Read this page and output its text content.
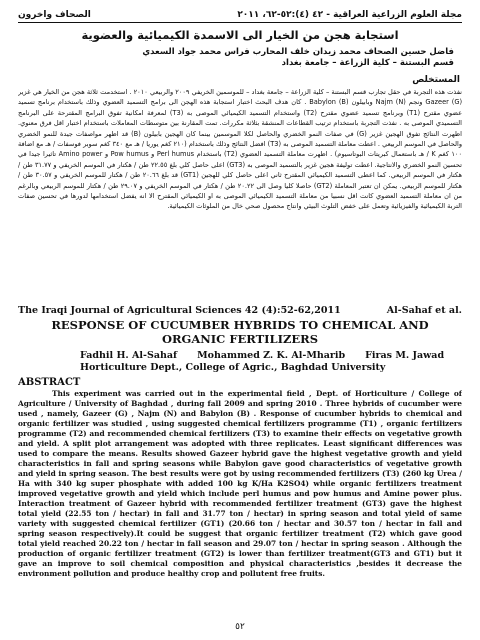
مجلة العلوم الزراعية العراقية - ٤٢ (٤):٥٢-٦٢، ٢٠١١
الصحاف وآخرون
استجابة هجن من الخيار الى الاسمدة الكيميائية والعضوية
فاضل حسين الصحاف محمد زيدان خلف المحارب فراس محمد جواد السعدي
قسم البستنة – كلية الزراعة – جامعة بغداد
المستخلص
نفذت هذه التجربة في حقل تجارب قسم البستنة – كلية الزراعة – جامعة بغداد – للموسمين الخريفي ٢٠٠٩ والربيعي ٢٠١٠ . استخدمت ثلاثة هجن من الخيار هي غزير Gazeer (G) ونجم Najm (N) وبابيلون Babylon (B) . كان هدف البحث اختبار استجابة هذه الهجن الى برامج التسميد العضوي وذلك باستخدام برنامج تسميد عضوي مقترح (T1) وبرنامج تسميد عضوي مقترح (T2) واستخدام التسميد الكيميائي الموصى به (T3) لمعرفة امكانية تفوق البرامج المقترحة على البرنامج التسميدي الموصى به . نفذت التجربة باستخدام ترتيب القطاعات المنشقة بثلاثة مكررات. تمت المقارنة بين متوسطات المعاملات باستخدام اختبار اقل فرق معنوي. اظهرت النتائج تفوق الهجين غزير (G) في صفات النمو الخضري والحاصل لكلا الموسمين بينما كان الهجين بابيلون (B) قد اظهر مواصفات جيدة للنمو الخضري والحاصل في الموسم الربيعي . اعطت معاملة التسميد الموصى به (T3) افضل النتائج وذلك باستخدام (٢١٠ كغم يوريا / هـ مع ٣٤٠ كغم سوبر فوسفات / هـ مع اضافة ١٠٠ كغم K / هـ باستعمال كبريتات البوتاسيوم) . اظهرت معاملة التسميد العضوي (T2) باستخدام Perl humus و Pow humus و Amino power تاثيرا جيدا في تحسين النمو الخضري والانتاجية. اعطت توليفة هجين غزير بالتسميد الموصى به (GT3) اعلى حاصل كلي بلغ ٢٢.٥٥ طن / هكتار في الموسم الخريفي و ٣١.٧٧ طن / هكتار في الموسم الربيعي. كما اعطى التسميد الكيميائي المقترح ثاني اعلى حاصل كلي للهجين (GT1) قد بلغ ٢٠.٦٦ طن / هكتار للموسم الخريفي و ٣٠.٥٧ طن / هكتار للموسم الربيعي. يمكن ان تعتبر المعاملة (GT2) حاصلا كليا وصل الى ٢٠.٢٢ طن / هكتار في الموسم الخريفي و ٢٩.٠٧ طن / هكتار للموسم الربيعي وبالرغم من ان معاملة التسميد العضوي كانت اقل نسبيا من معاملة التسميد الكيميائي الموصى به او الكيميائي المقترح الا انه يفضل استخدامها لدورها في تحسين صفات التربة الكيميائية والفيزيائية وتعمل على خفض التلوث البيئي وانتاج محصول صحي خال من الملوثات الكيميائية.
The Iraqi Journal of Agricultural Sciences 42 (4):52-62,2011	Al-Sahaf et al.
RESPONSE OF CUCUMBER HYBRIDS TO CHEMICAL AND
ORGANIC FERTILIZERS
Fadhil H. Al-Sahaf Mohammed Z. K. Al-Mharib Firas M. Jawad
Horticulture Dept., College of Agric., Baghdad University
ABSTRACT
This experiment was carried out in the experimental field , Dept. of Horticulture / College of Agriculture / University of Baghdad , during fall 2009 and spring 2010 . Three hybrids of cucumber were used , namely, Gazeer (G) , Najm (N) and Babylon (B) . Response of cucumber hybrids to chemical and organic fertilizer was studied , using suggested chemical fertilizers programme (T1) , organic fertilizers programme (T2) and recommended chemical fertilizers (T3) to examine their effects on vegetative growth and yield. A split plot arrangement was adopted with three replicates. Least significant differences was used to compare the means. Results showed Gazeer hybrid gave the highest vegetative growth and yield characteristics in fall and spring seasons while Babylon gave good characteristics of vegetative growth and yield in spring season. The best results were got by using recommended fertilizers (T3) (260 kg Urea / Ha with 340 kg super phosphate with added 100 kg K/Ha K2SO4) while organic fertilizers treatment improved vegetative growth and yield which include perl humus and pow humus and Amine power plus. Interaction treatment of Gazeer hybrid with recommended fertilizer treatment (GT3) gave the highest total yield (22.55 ton / hectar) in fall and 31.77 ton / hectar) in spring season and total yield of same variety with suggested chemical fertilizer (GT1) (20.66 ton / hectar and 30.57 ton / hectar in fall and spring season respectively).It could be suggest that organic fertilizer treatment (T2) which gave good total yield reached 20.22 ton / hectar in fall season and 29.07 ton / hectar in spring season . Although the production of organic fertilizer treatment (GT2) is lower than fertilizer treatment(GT3 and GT1) but it gave an improve to soil chemical composition and physical characteristics ,besides it decrease the environment pollution and produce healthy crop and pollutent free fruits.
٥٢
